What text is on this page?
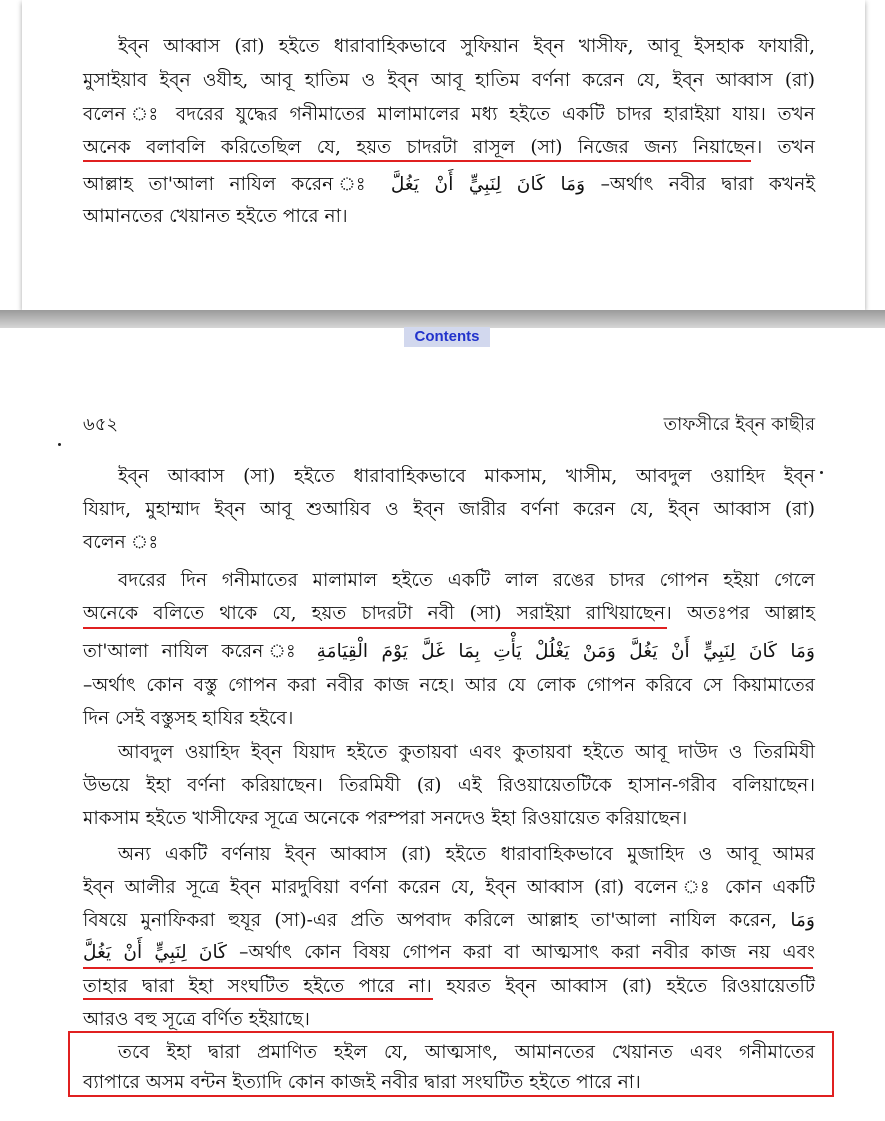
ইব্ন আব্বাস (রা) হইতে ধারাবাহিকভাবে সুফিয়ান ইব্ন খাসীফ, আবূ ইসহাক ফাযারী,
মুসাইয়াব ইব্ন ওযীহ, আবূ হাতিম ও ইব্ন আবূ হাতিম বর্ণনা করেন যে, ইব্ন আব্বাস (রা)
বলেন ঃ বদরের যুদ্ধের গনীমাতের মালামালের মধ্য হইতে একটি চাদর হারাইয়া যায়। তখন
অনেক বলাবলি করিতেছিল যে, হয়ত চাদরটা রাসূল (সা) নিজের জন্য নিয়াছেন। তখন
আল্লাহ তা'আলা নাযিল করেন ঃ وَمَا كَانَ لِنَبِيٍّ أَنْ يَغُلَّ –অর্থাৎ নবীর দ্বারা কখনই
আমানতের খেয়ানত হইতে পারে না।
Contents
৬৫২	তাফসীরে ইব্ন কাছীর
ইব্ন আব্বাস (সা) হইতে ধারাবাহিকভাবে মাকসাম, খাসীম, আবদুল ওয়াহিদ ইব্ন
যিয়াদ, মুহাম্মাদ ইব্ন আবূ শুআয়িব ও ইব্ন জারীর বর্ণনা করেন যে, ইব্ন আব্বাস (রা)
বলেন ঃ
বদরের দিন গনীমাতের মালামাল হইতে একটি লাল রঙের চাদর গোপন হইয়া গেলে
অনেকে বলিতে থাকে যে, হয়ত চাদরটা নবী (সা) সরাইয়া রাখিয়াছেন। অতঃপর আল্লাহ
তা'আলা নাযিল করেন ঃ وَمَا كَانَ لِنَبِيٍّ أَنْ يَغُلَّ وَمَنْ يَغْلُلْ يَأْتِ بِمَا غَلَّ يَوْمَ الْقِيَامَةِ
–অর্থাৎ কোন বস্তু গোপন করা নবীর কাজ নহে। আর যে লোক গোপন করিবে সে কিয়ামাতের
দিন সেই বস্তুসহ হাযির হইবে।
আবদুল ওয়াহিদ ইব্ন যিয়াদ হইতে কুতায়বা এবং কুতায়বা হইতে আবূ দাউদ ও তিরমিযী
উভয়ে ইহা বর্ণনা করিয়াছেন। তিরমিযী (র) এই রিওয়ায়েতটিকে হাসান-গরীব বলিয়াছেন।
মাকসাম হইতে খাসীফের সূত্রে অনেকে পরম্পরা সনদেও ইহা রিওয়ায়েত করিয়াছেন।
অন্য একটি বর্ণনায় ইব্ন আব্বাস (রা) হইতে ধারাবাহিকভাবে মুজাহিদ ও আবূ আমর
ইব্ন আলীর সূত্রে ইব্ন মারদুবিয়া বর্ণনা করেন যে, ইব্ন আব্বাস (রা) বলেন ঃ কোন একটি
বিষয়ে মুনাফিকরা হুযূর (সা)-এর প্রতি অপবাদ করিলে আল্লাহ তা'আলা নাযিল করেন, وَمَا
كَانَ لِنَبِيٍّ أَنْ يَغُلَّ –অর্থাৎ কোন বিষয় গোপন করা বা আত্মসাৎ করা নবীর কাজ নয় এবং
তাহার দ্বারা ইহা সংঘটিত হইতে পারে না। হযরত ইব্ন আব্বাস (রা) হইতে রিওয়ায়েতটি
আরও বহু সূত্রে বর্ণিত হইয়াছে।
তবে ইহা দ্বারা প্রমাণিত হইল যে, আত্মসাৎ, আমানতের খেয়ানত এবং গনীমাতের
ব্যাপারে অসম বন্টন ইত্যাদি কোন কাজই নবীর দ্বারা সংঘটিত হইতে পারে না।
